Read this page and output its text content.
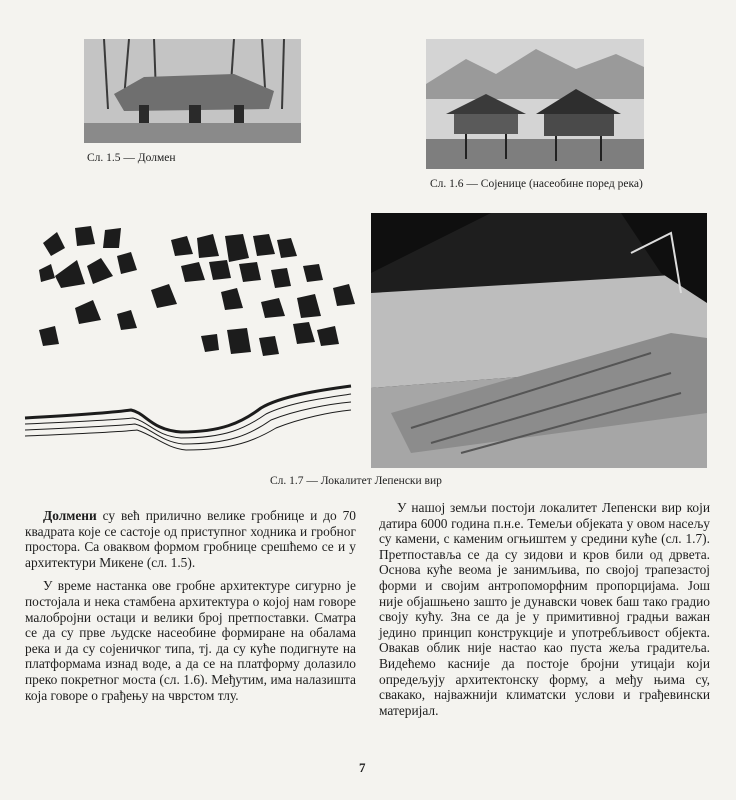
Сл. 1.5 — Долмен
Сл. 1.6 — Сојенице (насеобине поред река)
Сл. 1.7 — Локалитет Лепенски вир

Долмени су већ прилично велике гробнице и до 70 квадрата које се састоје од приступног ходника и гробног простора. Са оваквом формом гробнице срешћемо се и у архитектури Микене (сл. 1.5).

У време настанка ове гробне архитектуре сигурно је постојала и нека стамбена архитектура о којој нам говоре малобројни остаци и велики број претпоставки. Сматра се да су прве људске насеобине формиране на обалама река и да су сојеничког типа, тј. да су куће подигнуте на платформама изнад воде, а да се на платформу долазило преко покретног моста (сл. 1.6). Међутим, има налазишта која говоре о грађењу на чврстом тлу.

У нашој земљи постоји локалитет Лепенски вир који датира 6000 година п.н.е. Темељи објеката у овом насељу су камени, с каменим огњиштем у средини куће (сл. 1.7). Претпоставља се да су зидови и кров били од дрвета. Основа куће веома је занимљива, по својој трапезастој форми и својим антропоморфним пропорцијама. Још није објашњено зашто је дунавски човек баш тако градио своју кућу. Зна се да је у примитивној градњи важан једино принцип конструкције и употребљивост објекта. Овакав облик није настао као пуста жеља градитеља. Видећемо касније да постоје бројни утицаји који опредељују архитектонску форму, а међу њима су, свакако, најважнији климатски услови и грађевински материјал.

7
